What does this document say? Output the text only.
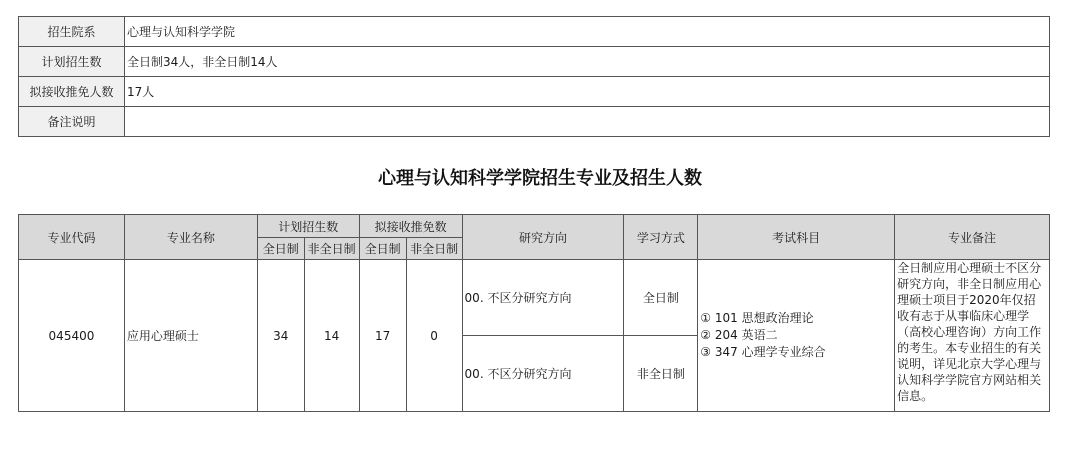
招生院系	心理与认知科学学院
计划招生数	全日制34人，非全日制14人
拟接收推免人数	17人
备注说明	
心理与认知科学学院招生专业及招生人数
专业代码	专业名称	计划招生数		拟接收推免数		研究方向	学习方式	考试科目	专业备注
		全日制	非全日制	全日制	非全日制				
045400	应用心理硕士	34	14	17	0	00. 不区分研究方向	全日制	① 101 思想政治理论
② 204 英语二
③ 347 心理学专业综合	全日制应用心理硕士不区分研究方向，非全日制应用心理硕士项目于2020年仅招收有志于从事临床心理学（高校心理咨询）方向工作的考生。本专业招生的有关说明，详见北京大学心理与认知科学学院官方网站相关信息。
						00. 不区分研究方向	非全日制		
